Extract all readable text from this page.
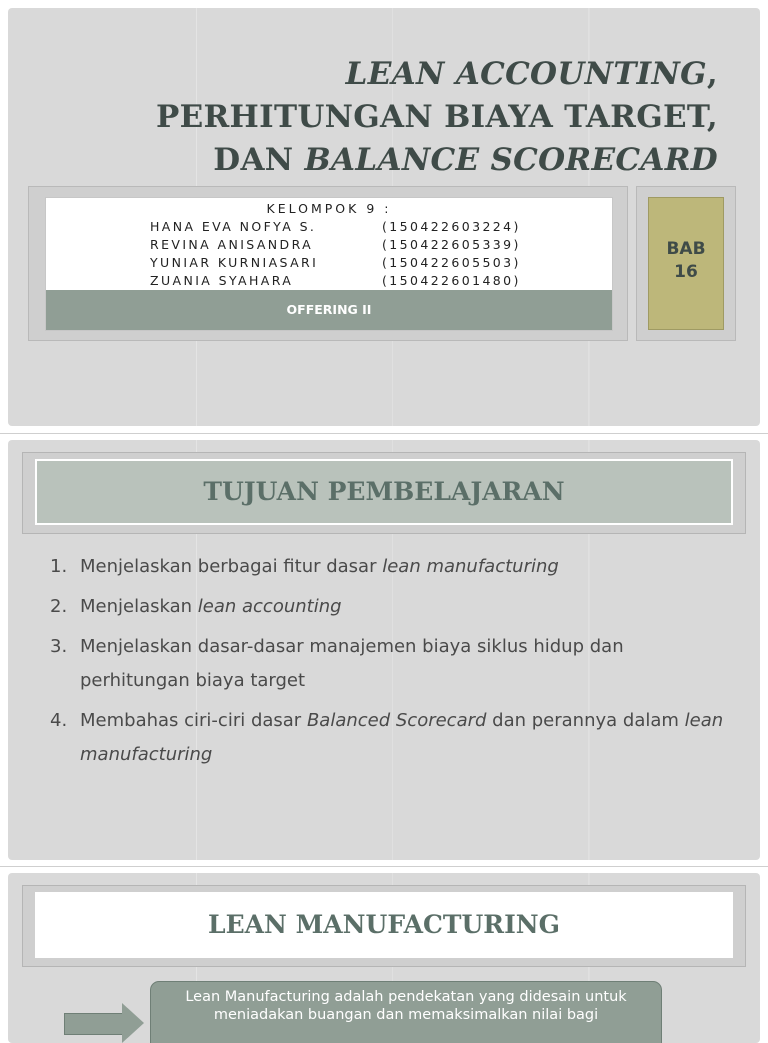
LEAN ACCOUNTING,
PERHITUNGAN BIAYA TARGET,
DAN BALANCE SCORECARD
KELOMPOK 9 :
HANA EVA NOFYA S.	(150422603224)
REVINA ANISANDRA	(150422605339)
YUNIAR KURNIASARI	(150422605503)
ZUANIA SYAHARA	(150422601480)
OFFERING II
BAB
16
TUJUAN PEMBELAJARAN
1. Menjelaskan berbagai fitur dasar lean manufacturing
2. Menjelaskan lean accounting
3. Menjelaskan dasar-dasar manajemen biaya siklus hidup dan perhitungan biaya target
4. Membahas ciri-ciri dasar Balanced Scorecard dan perannya dalam lean manufacturing
LEAN MANUFACTURING
Lean Manufacturing adalah pendekatan yang didesain untuk meniadakan buangan dan memaksimalkan nilai bagi
